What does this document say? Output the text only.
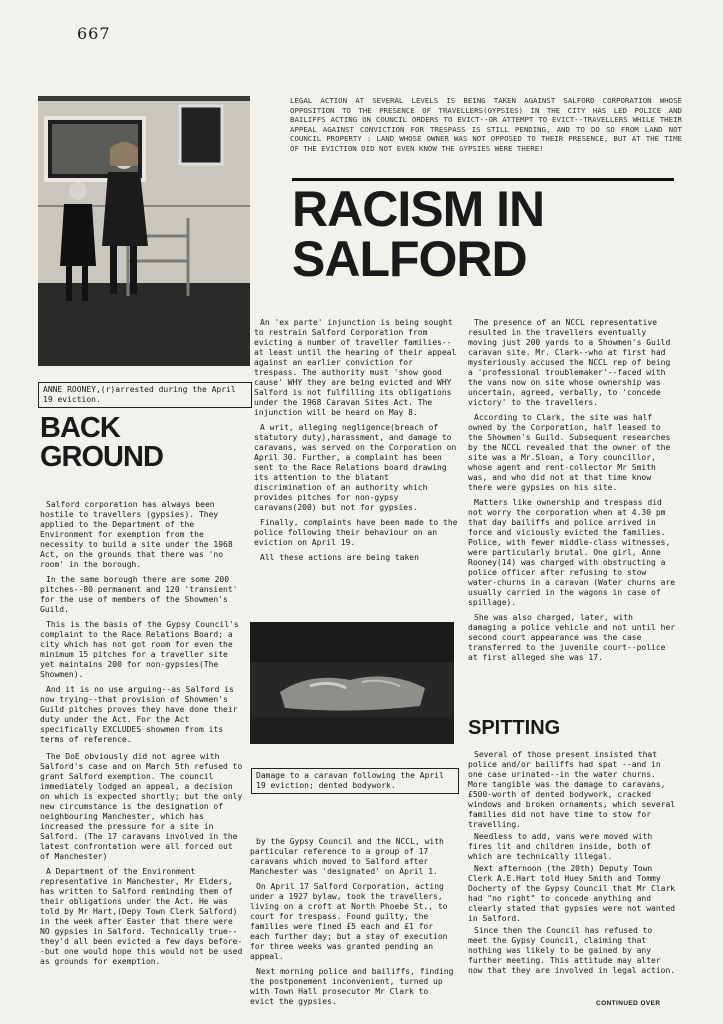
667
ANNE ROONEY,(r)arrested during the April 19 eviction.
LEGAL ACTION AT SEVERAL LEVELS IS BEING TAKEN AGAINST SALFORD CORPORATION WHOSE OPPOSITION TO THE PRESENCE OF TRAVELLERS(GYPSIES) IN THE CITY HAS LED POLICE AND BAILIFFS ACTING ON COUNCIL ORDERS TO EVICT--OR ATTEMPT TO EVICT--TRAVELLERS WHILE THEIR APPEAL AGAINST CONVICTION FOR TRESPASS IS STILL PENDING, AND TO DO SO FROM LAND NOT COUNCIL PROPERTY : LAND WHOSE OWNER WAS NOT OPPOSED TO THEIR PRESENCE, BUT AT THE TIME OF THE EVICTION DID NOT EVEN KNOW THE GYPSIES WERE THERE!
RACISM IN
SALFORD
BACK
GROUND

Salford corporation has always been hostile to travellers (gypsies). They applied to the Department of the Environment for exemption from the necessity to build a site under the 1968 Act, on the grounds that there was 'no room' in the borough.

In the same borough there are some 200 pitches--80 permanent and 120 'transient' for the use of members of the Showmen's Guild.

This is the basis of the Gypsy Council's complaint to the Race Relations Board; a city which has not got room for even the minimum 15 pitches for a traveller site yet maintains 200 for non-gypsies(The Showmen).

And it is no use arguing--as Salford is now trying--that provision of Showmen's Guild pitches proves they have done their duty under the Act. For the Act specifically EXCLUDES showmen from its terms of reference.

The DoE obviously did not agree with Salford's case and on March 5th refused to grant Salford exemption. The council immediately lodged an appeal, a decision on which is expected shortly; but the only new circumstance is the designation of neighbouring Manchester, which has increased the pressure for a site in Salford. (The 17 caravans involved in the latest confrontation were all forced out of Manchester)

A Department of the Environment representative in Manchester, Mr Elders, has written to Salford reminding them of their obligations under the Act. He was told by Mr Hart,(Depy Town Clerk Salford) in the week after Easter that there were NO gypsies in Salford. Technically true--they'd all been evicted a few days before--but one would hope this would not be used as grounds for exemption.

An 'ex parte' injunction is being sought to restrain Salford Corporation from evicting a number of traveller families--at least until the hearing of their appeal against an earlier conviction for trespass. The authority must 'show good cause' WHY they are being evicted and WHY Salford is not fulfilling its obligations under the 1968 Caravan Sites Act. The injunction will be heard on May 8.

A writ, alleging negligence(breach of statutory duty),harassment, and damage to caravans, was served on the Corporation on April 30. Further, a complaint has been sent to the Race Relations board drawing its attention to the blatant discrimination of an authority which provides pitches for non-gypsy caravans(200) but not for gypsies.

Finally, complaints have been made to the police following their behaviour on an eviction on April 19.

All these actions are being taken

Damage to a caravan following the April 19 eviction; dented bodywork.

by the Gypsy Council and the NCCL, with particular reference to a group of 17 caravans which moved to Salford after Manchester was 'designated' on April 1.

On April 17 Salford Corporation, acting under a 1927 bylaw, took the travellers, living on a croft at North Phoebe St., to court for trespass. Found guilty, the families were fined £5 each and £1 for each further day; but a stay of execution for three weeks was granted pending an appeal.

Next morning police and bailiffs, finding the postponement inconvenient, turned up with Town Hall prosecutor Mr Clark to evict the gypsies.

The presence of an NCCL representative resulted in the travellers eventually moving just 200 yards to a Showmen's Guild caravan site. Mr. Clark--who at first had mysteriously accused the NCCL rep of being a 'professional troublemaker'--faced with the vans now on site whose ownership was uncertain, agreed, verbally, to 'concede victory' to the travellers.

According to Clark, the site was half owned by the Corporation, half leased to the Showmen's Guild. Subsequent researches by the NCCL revealed that the owner of the site was a Mr.Sloan, a Tory councillor, whose agent and rent-collector Mr Smith was, and who did not at that time know there were gypsies on his site.

Matters like ownership and trespass did not worry the corporation when at 4.30 pm that day bailiffs and police arrived in force and viciously evicted the families. Police, with fewer middle-class witnesses, were particularly brutal. One girl, Anne Rooney(14) was charged with obstructing a police officer after refusing to stow water-churns in a caravan (Water churns are usually carried in the wagons in case of spillage).

She was also charged, later, with damaging a police vehicle and not until her second court appearance was the case transferred to the juvenile court--police at first alleged she was 17.

SPITTING

Several of those present insisted that police and/or bailiffs had spat --and in one case urinated--in the water churns. More tangible was the damage to caravans, £500-worth of dented bodywork, cracked windows and broken ornaments, which several families did not have time to stow for travelling.

Needless to add, vans were moved with fires lit and children inside, both of which are technically illegal.

Next afternoon (the 20th) Deputy Town Clerk A.E.Hart told Huey Smith and Tommy Docherty of the Gypsy Council that Mr Clark had "no right" to concede anything and clearly stated that gypsies were not wanted in Salford.

Since then the Council has refused to meet the Gypsy Council, claiming that nothing was likely to be gained by any further meeting. This attitude may alter now that they are involved in legal action.

CONTINUED OVER
